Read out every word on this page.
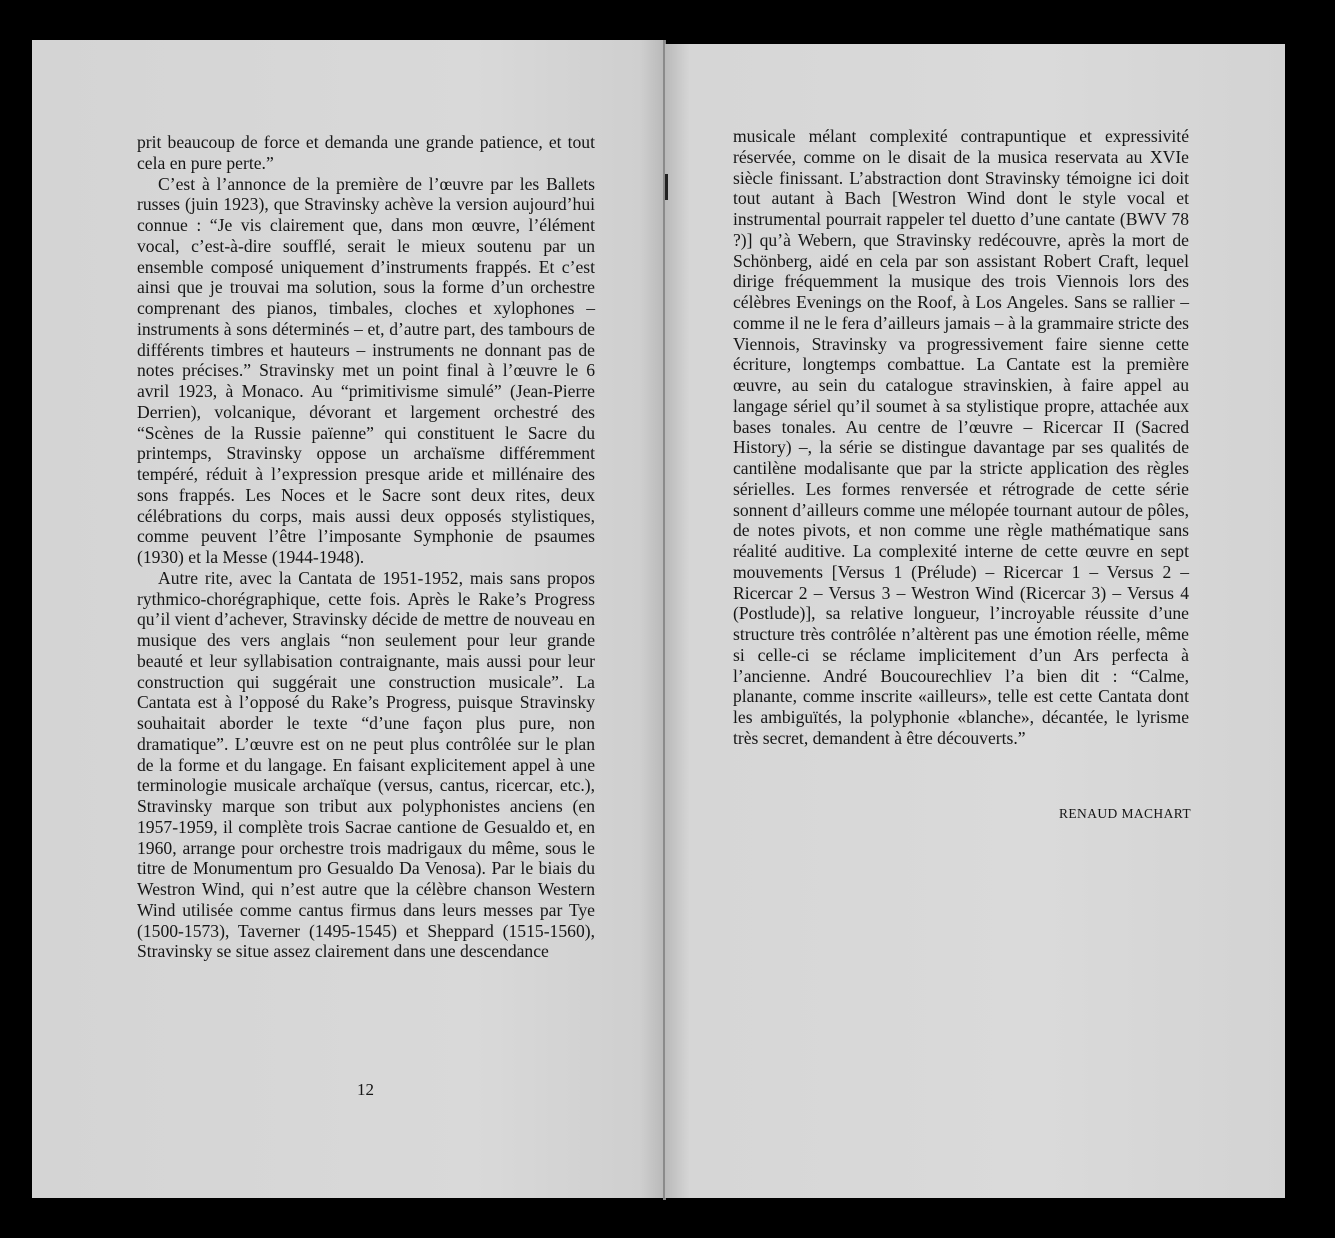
prit beaucoup de force et demanda une grande patience, et tout cela en pure perte.”

C’est à l’annonce de la première de l’œuvre par les Ballets russes (juin 1923), que Stravinsky achève la version aujourd’hui connue : “Je vis clairement que, dans mon œuvre, l’élément vocal, c’est-à-dire soufflé, serait le mieux soutenu par un ensemble composé uniquement d’instruments frappés. Et c’est ainsi que je trouvai ma solution, sous la forme d’un orchestre comprenant des pianos, timbales, cloches et xylophones – instruments à sons déterminés – et, d’autre part, des tambours de différents timbres et hauteurs – instruments ne donnant pas de notes précises.” Stravinsky met un point final à l’œuvre le 6 avril 1923, à Monaco. Au “primitivisme simulé” (Jean-Pierre Derrien), volcanique, dévorant et largement orchestré des “Scènes de la Russie païenne” qui constituent le Sacre du printemps, Stravinsky oppose un archaïsme différemment tempéré, réduit à l’expression presque aride et millénaire des sons frappés. Les Noces et le Sacre sont deux rites, deux célébrations du corps, mais aussi deux opposés stylistiques, comme peuvent l’être l’imposante Symphonie de psaumes (1930) et la Messe (1944-1948).

Autre rite, avec la Cantata de 1951-1952, mais sans propos rythmico-chorégraphique, cette fois. Après le Rake’s Progress qu’il vient d’achever, Stravinsky décide de mettre de nouveau en musique des vers anglais “non seulement pour leur grande beauté et leur syllabisation contraignante, mais aussi pour leur construction qui suggérait une construction musicale”. La Cantata est à l’opposé du Rake’s Progress, puisque Stravinsky souhaitait aborder le texte “d’une façon plus pure, non dramatique”. L’œuvre est on ne peut plus contrôlée sur le plan de la forme et du langage. En faisant explicitement appel à une terminologie musicale archaïque (versus, cantus, ricercar, etc.), Stravinsky marque son tribut aux polyphonistes anciens (en 1957-1959, il complète trois Sacrae cantione de Gesualdo et, en 1960, arrange pour orchestre trois madrigaux du même, sous le titre de Monumentum pro Gesualdo Da Venosa). Par le biais du Westron Wind, qui n’est autre que la célèbre chanson Western Wind utilisée comme cantus firmus dans leurs messes par Tye (1500-1573), Taverner (1495-1545) et Sheppard (1515-1560), Stravinsky se situe assez clairement dans une descendance

12

musicale mélant complexité contrapuntique et expressivité réservée, comme on le disait de la musica reservata au XVIe siècle finissant. L’abstraction dont Stravinsky témoigne ici doit tout autant à Bach [Westron Wind dont le style vocal et instrumental pourrait rappeler tel duetto d’une cantate (BWV 78 ?)] qu’à Webern, que Stravinsky redécouvre, après la mort de Schönberg, aidé en cela par son assistant Robert Craft, lequel dirige fréquemment la musique des trois Viennois lors des célèbres Evenings on the Roof, à Los Angeles. Sans se rallier – comme il ne le fera d’ailleurs jamais – à la grammaire stricte des Viennois, Stravinsky va progressivement faire sienne cette écriture, longtemps combattue. La Cantate est la première œuvre, au sein du catalogue stravinskien, à faire appel au langage sériel qu’il soumet à sa stylistique propre, attachée aux bases tonales. Au centre de l’œuvre – Ricercar II (Sacred History) –, la série se distingue davantage par ses qualités de cantilène modalisante que par la stricte application des règles sérielles. Les formes renversée et rétrograde de cette série sonnent d’ailleurs comme une mélopée tournant autour de pôles, de notes pivots, et non comme une règle mathématique sans réalité auditive. La complexité interne de cette œuvre en sept mouvements [Versus 1 (Prélude) – Ricercar 1 – Versus 2 – Ricercar 2 – Versus 3 – Westron Wind (Ricercar 3) – Versus 4 (Postlude)], sa relative longueur, l’incroyable réussite d’une structure très contrôlée n’altèrent pas une émotion réelle, même si celle-ci se réclame implicitement d’un Ars perfecta à l’ancienne. André Boucourechliev l’a bien dit : “Calme, planante, comme inscrite «ailleurs», telle est cette Cantata dont les ambiguïtés, la polyphonie «blanche», décantée, le lyrisme très secret, demandent à être découverts.”

RENAUD MACHART
